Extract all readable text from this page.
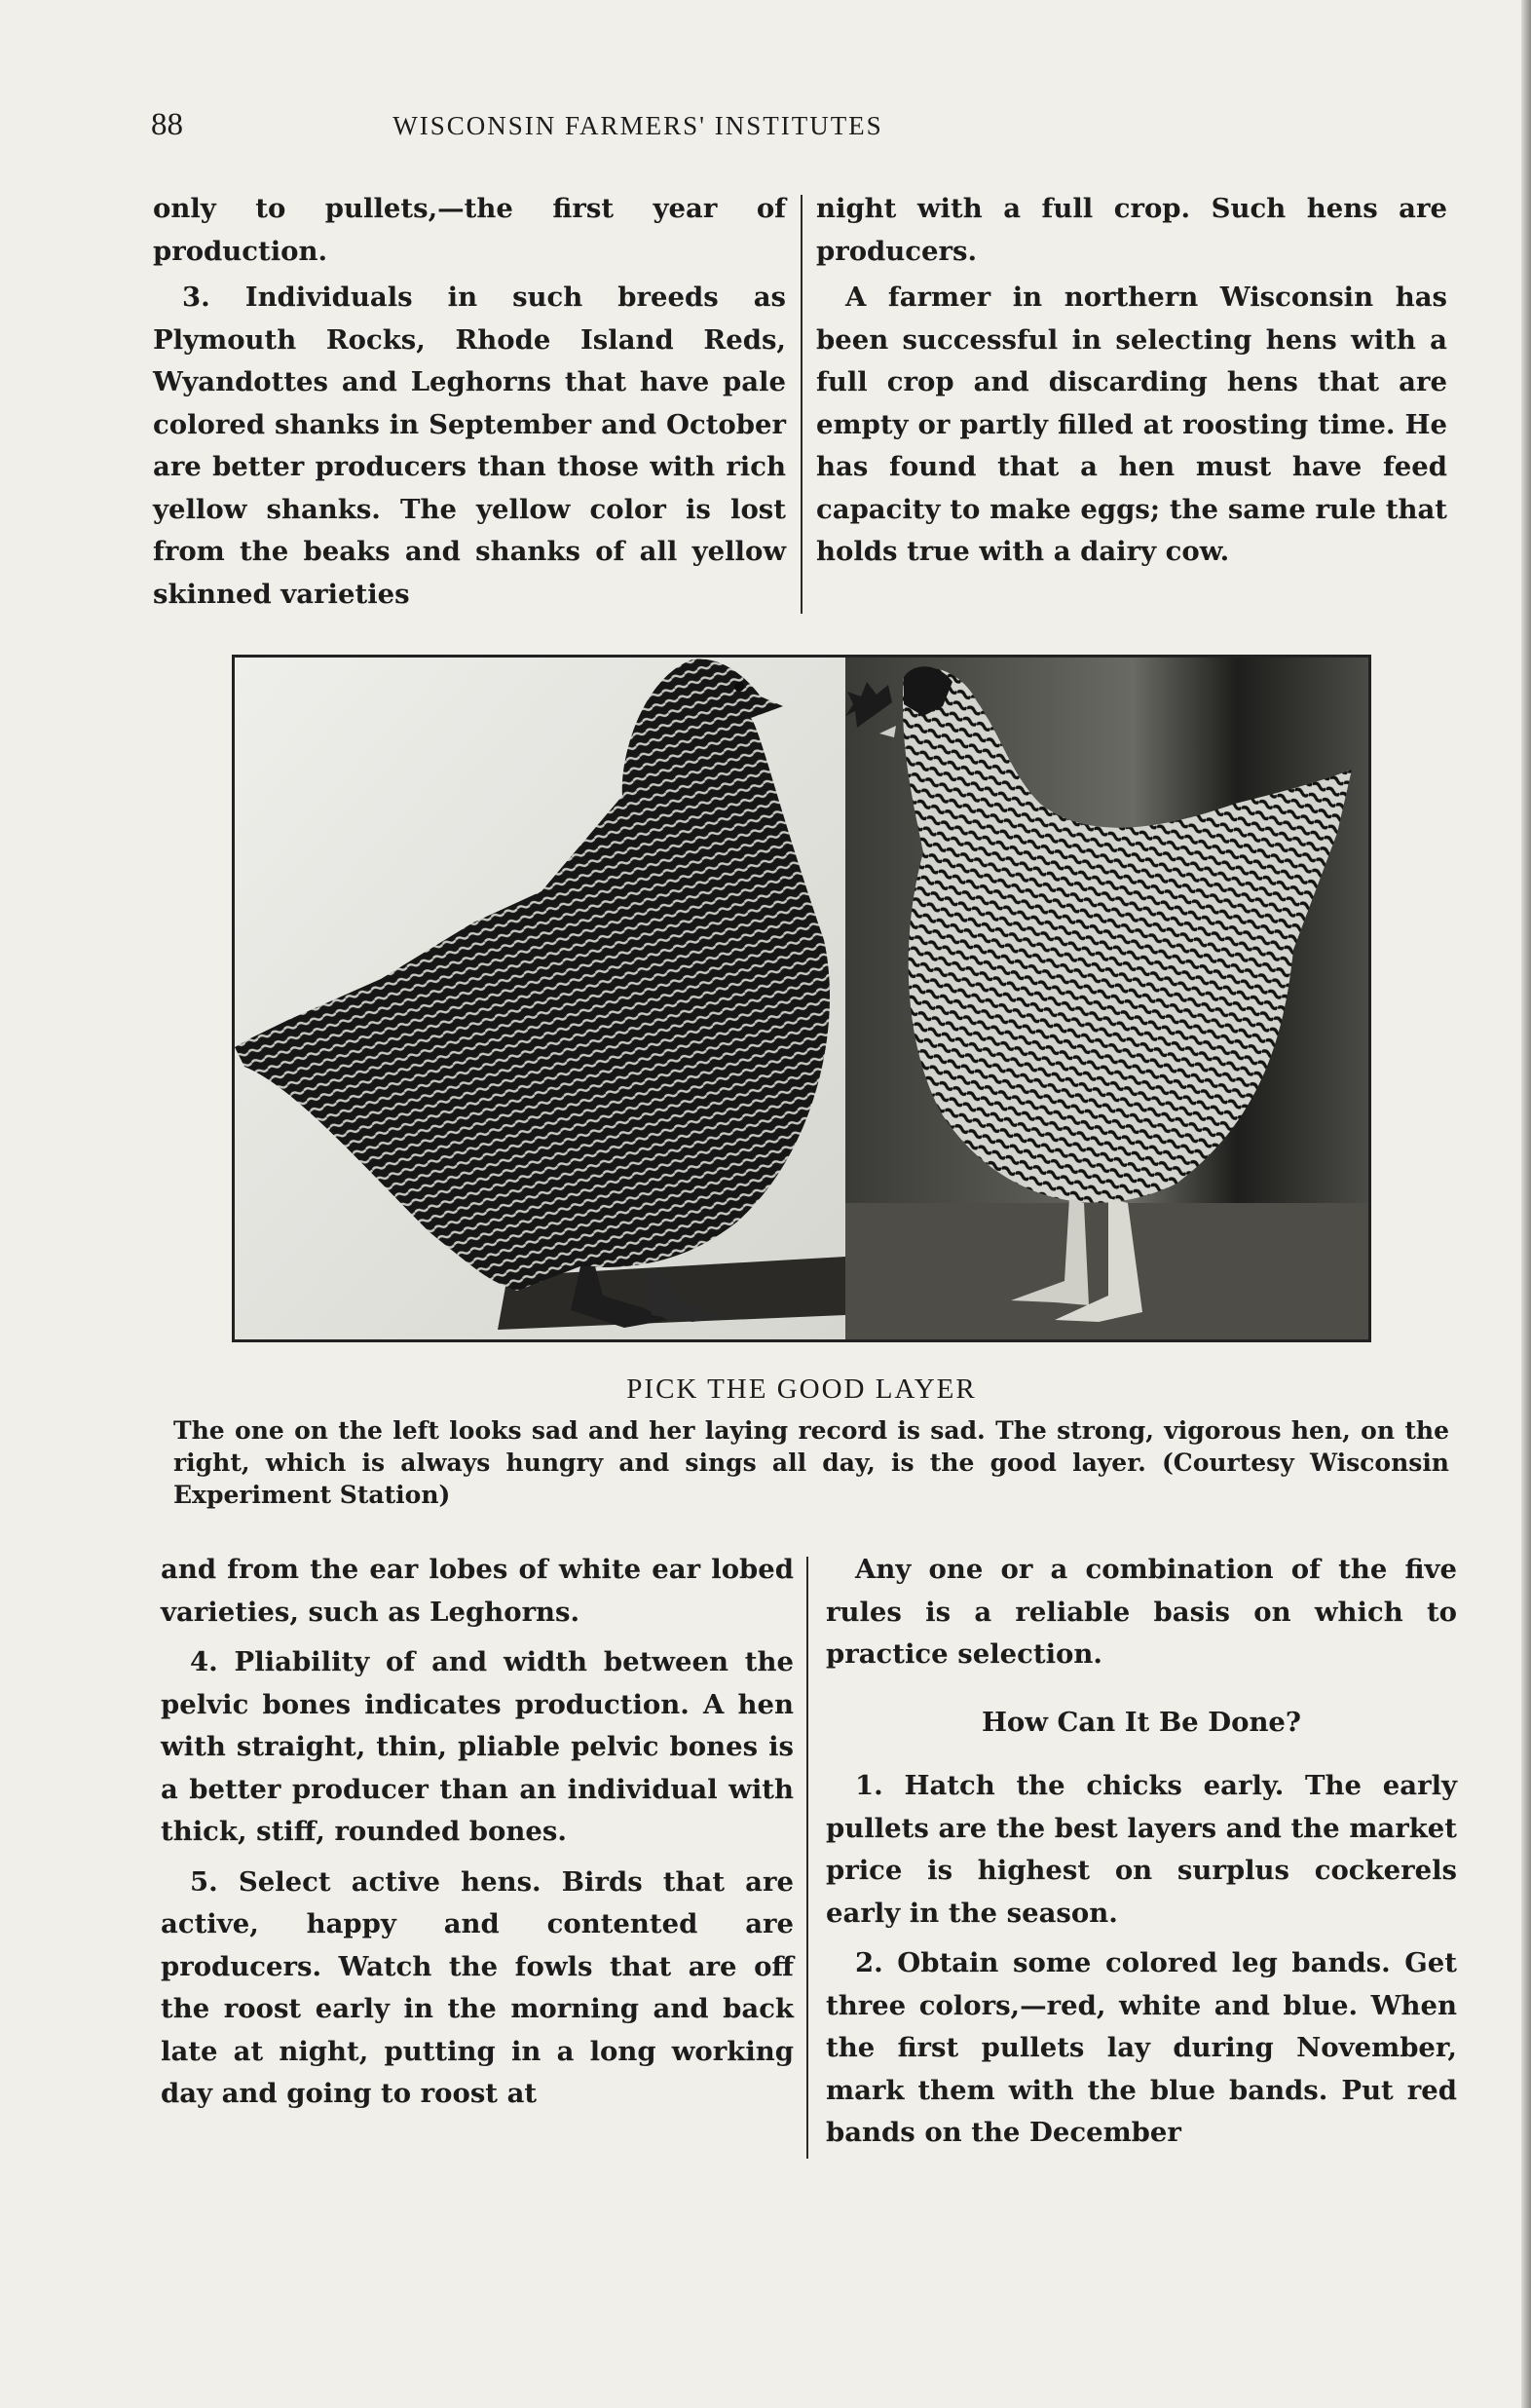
88	WISCONSIN FARMERS' INSTITUTES

only to pullets,—the first year of production.

3. Individuals in such breeds as Plymouth Rocks, Rhode Island Reds, Wyandottes and Leghorns that have pale colored shanks in September and October are better producers than those with rich yellow shanks. The yellow color is lost from the beaks and shanks of all yellow skinned varieties

night with a full crop. Such hens are producers.

A farmer in northern Wisconsin has been successful in selecting hens with a full crop and discarding hens that are empty or partly filled at roosting time. He has found that a hen must have feed capacity to make eggs; the same rule that holds true with a dairy cow.

PICK THE GOOD LAYER
The one on the left looks sad and her laying record is sad. The strong, vigorous hen, on the right, which is always hungry and sings all day, is the good layer. (Courtesy Wisconsin Experiment Station)

and from the ear lobes of white ear lobed varieties, such as Leghorns.

4. Pliability of and width between the pelvic bones indicates production. A hen with straight, thin, pliable pelvic bones is a better producer than an individual with thick, stiff, rounded bones.

5. Select active hens. Birds that are active, happy and contented are producers. Watch the fowls that are off the roost early in the morning and back late at night, putting in a long working day and going to roost at

Any one or a combination of the five rules is a reliable basis on which to practice selection.

How Can It Be Done?

1. Hatch the chicks early. The early pullets are the best layers and the market price is highest on surplus cockerels early in the season.

2. Obtain some colored leg bands. Get three colors,—red, white and blue. When the first pullets lay during November, mark them with the blue bands. Put red bands on the December
